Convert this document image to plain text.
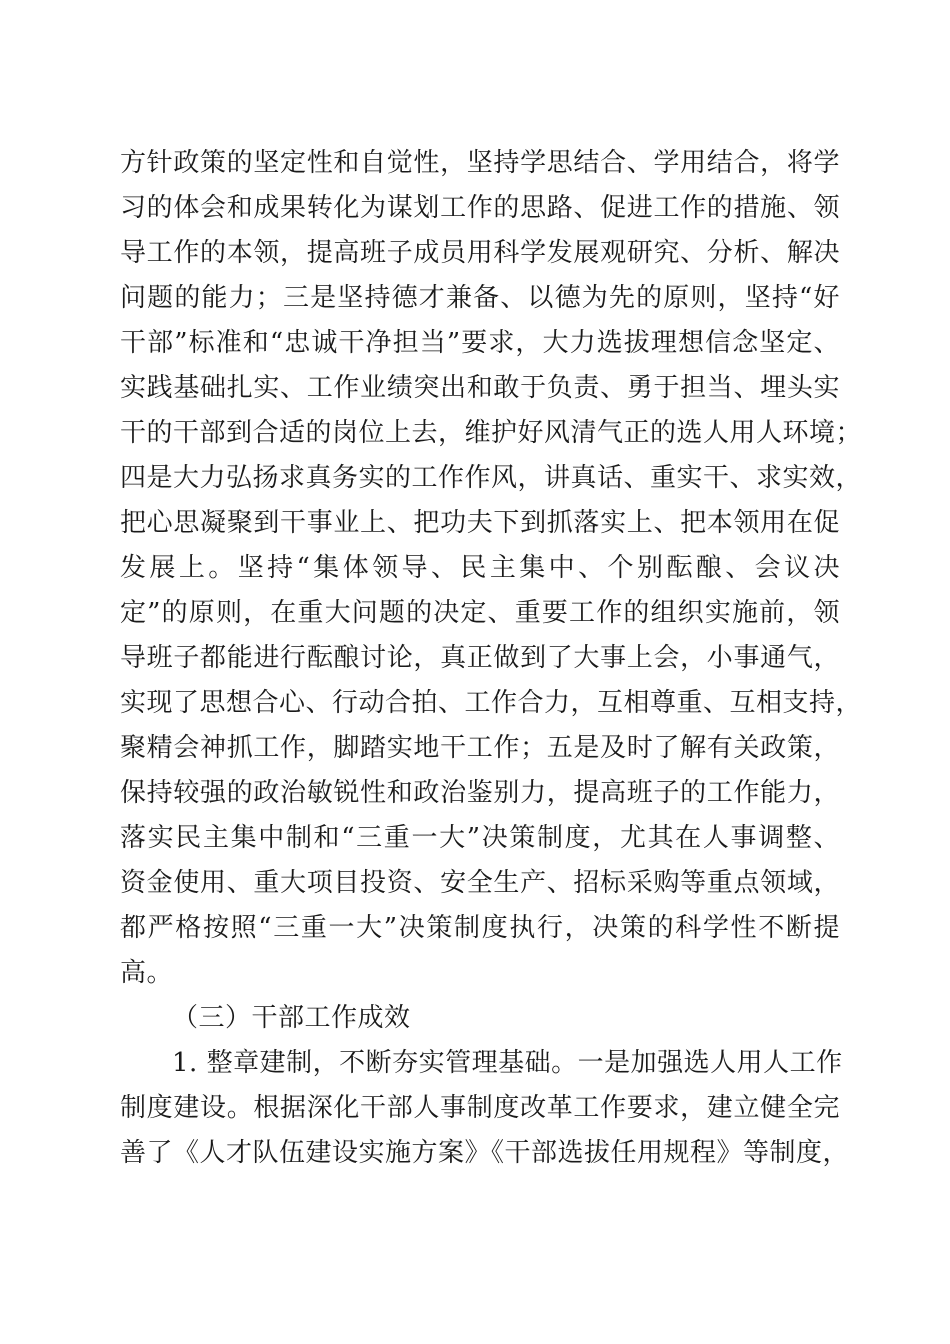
方针政策的坚定性和自觉性，坚持学思结合、学用结合，将学
习的体会和成果转化为谋划工作的思路、促进工作的措施、领
导工作的本领，提高班子成员用科学发展观研究、分析、解决
问题的能力；三是坚持德才兼备、以德为先的原则，坚持“好
干部”标准和“忠诚干净担当”要求，大力选拔理想信念坚定、
实践基础扎实、工作业绩突出和敢于负责、勇于担当、埋头实
干的干部到合适的岗位上去，维护好风清气正的选人用人环境；
四是大力弘扬求真务实的工作作风，讲真话、重实干、求实效，
把心思凝聚到干事业上、把功夫下到抓落实上、把本领用在促
发展上。坚持“集体领导、民主集中、个别酝酿、会议决
定”的原则，在重大问题的决定、重要工作的组织实施前，领
导班子都能进行酝酿讨论，真正做到了大事上会，小事通气，
实现了思想合心、行动合拍、工作合力，互相尊重、互相支持，
聚精会神抓工作，脚踏实地干工作；五是及时了解有关政策，
保持较强的政治敏锐性和政治鉴别力，提高班子的工作能力，
落实民主集中制和“三重一大”决策制度，尤其在人事调整、
资金使用、重大项目投资、安全生产、招标采购等重点领域，
都严格按照“三重一大”决策制度执行，决策的科学性不断提
高。
（三）干部工作成效
1. 整章建制，不断夯实管理基础。一是加强选人用人工作
制度建设。根据深化干部人事制度改革工作要求，建立健全完
善了《人才队伍建设实施方案》《干部选拔任用规程》等制度，
